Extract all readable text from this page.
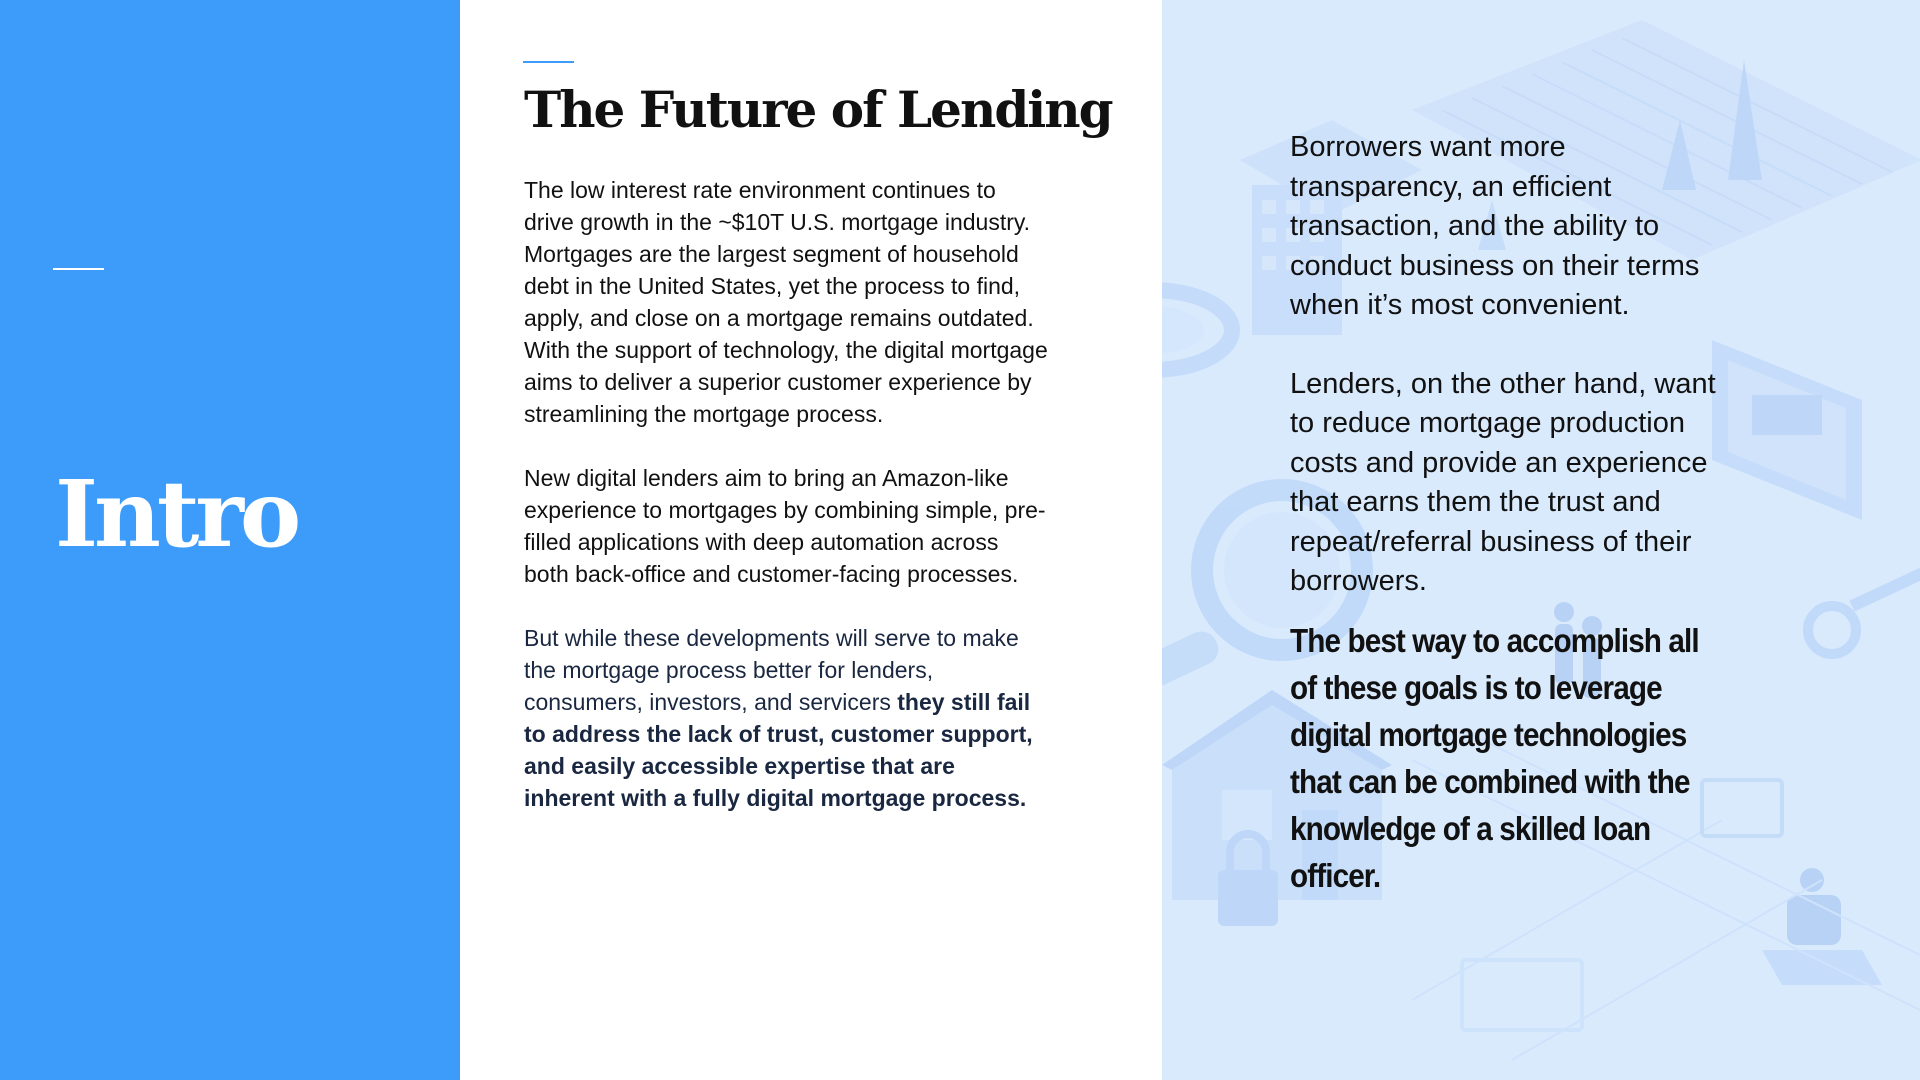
Intro
The Future of Lending

The low interest rate environment continues to drive growth in the ~$10T U.S. mortgage industry. Mortgages are the largest segment of household debt in the United States, yet the process to find, apply, and close on a mortgage remains outdated. With the support of technology, the digital mortgage aims to deliver a superior customer experience by streamlining the mortgage process.

New digital lenders aim to bring an Amazon-like experience to mortgages by combining simple, pre-filled applications with deep automation across both back-office and customer-facing processes.

But while these developments will serve to make the mortgage process better for lenders, consumers, investors, and servicers they still fail to address the lack of trust, customer support, and easily accessible expertise that are inherent with a fully digital mortgage process.

Borrowers want more transparency, an efficient transaction, and the ability to conduct business on their terms when it’s most convenient.

Lenders, on the other hand, want to reduce mortgage production costs and provide an experience that earns them the trust and repeat/referral business of their borrowers.

The best way to accomplish all of these goals is to leverage digital mortgage technologies that can be combined with the knowledge of a skilled loan officer.
